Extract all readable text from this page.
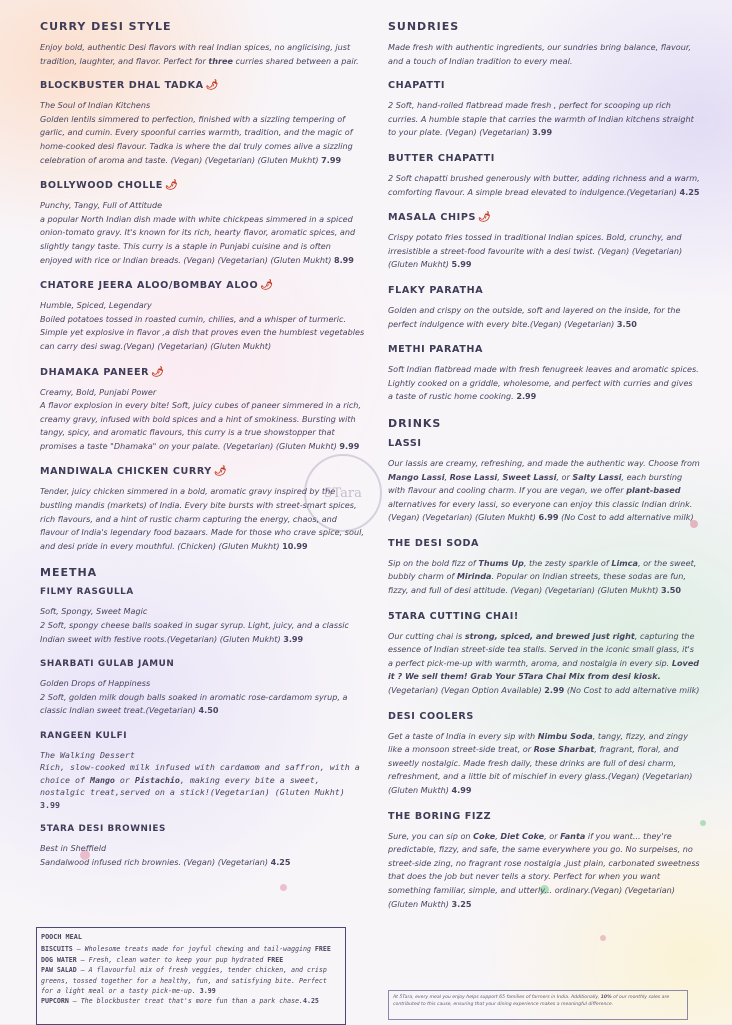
5Tara
CURRY DESI STYLE
Enjoy bold, authentic Desi flavors with real Indian spices, no anglicising, just tradition, laughter, and flavor. Perfect for three curries shared between a pair.
BLOCKBUSTER DHAL TADKA 🌶
The Soul of Indian Kitchens
Golden lentils simmered to perfection, finished with a sizzling tempering of garlic, and cumin. Every spoonful carries warmth, tradition, and the magic of home-cooked desi flavour. Tadka is where the dal truly comes alive a sizzling celebration of aroma and taste. (Vegan) (Vegetarian) (Gluten Mukht) 7.99
BOLLYWOOD CHOLLE 🌶
Punchy, Tangy, Full of Attitude
a popular North Indian dish made with white chickpeas simmered in a spiced onion-tomato gravy. It's known for its rich, hearty flavor, aromatic spices, and slightly tangy taste. This curry is a staple in Punjabi cuisine and is often enjoyed with rice or Indian breads. (Vegan) (Vegetarian) (Gluten Mukht) 8.99
CHATORE JEERA ALOO/BOMBAY ALOO 🌶
Humble, Spiced, Legendary
Boiled potatoes tossed in roasted cumin, chilies, and a whisper of turmeric. Simple yet explosive in flavor ,a dish that proves even the humblest vegetables can carry desi swag.(Vegan) (Vegetarian) (Gluten Mukht)
DHAMAKA PANEER 🌶
Creamy, Bold, Punjabi Power
A flavor explosion in every bite! Soft, juicy cubes of paneer simmered in a rich, creamy gravy, infused with bold spices and a hint of smokiness. Bursting with tangy, spicy, and aromatic flavours, this curry is a true showstopper that promises a taste "Dhamaka" on your palate. (Vegetarian) (Gluten Mukht) 9.99
MANDIWALA CHICKEN CURRY 🌶
Tender, juicy chicken simmered in a bold, aromatic gravy inspired by the bustling mandis (markets) of India. Every bite bursts with street-smart spices, rich flavours, and a hint of rustic charm capturing the energy, chaos, and flavour of India's legendary food bazaars. Made for those who crave spice, soul, and desi pride in every mouthful. (Chicken) (Gluten Mukht) 10.99
MEETHA
FILMY RASGULLA
Soft, Spongy, Sweet Magic
2 Soft, spongy cheese balls soaked in sugar syrup. Light, juicy, and a classic Indian sweet with festive roots.(Vegetarian) (Gluten Mukht) 3.99
SHARBATI GULAB JAMUN
Golden Drops of Happiness
2 Soft, golden milk dough balls soaked in aromatic rose-cardamom syrup, a classic Indian sweet treat.(Vegetarian) 4.50
RANGEEN KULFI
The Walking Dessert
Rich, slow-cooked milk infused with cardamom and saffron, with a choice of Mango or Pistachio, making every bite a sweet, nostalgic treat,served on a stick!(Vegetarian) (Gluten Mukht) 3.99
5TARA DESI BROWNIES
Best in Sheffield
Sandalwood infused rich brownies. (Vegan) (Vegetarian) 4.25
POOCH MEAL
BISCUITS – Wholesome treats made for joyful chewing and tail-wagging FREE
DOG WATER – Fresh, clean water to keep your pup hydrated FREE
PAW SALAD – A flavourful mix of fresh veggies, tender chicken, and crisp greens, tossed together for a healthy, fun, and satisfying bite. Perfect for a light meal or a tasty pick-me-up. 3.99
PUPCORN – The blockbuster treat that's more fun than a park chase.4.25
SUNDRIES
Made fresh with authentic ingredients, our sundries bring balance, flavour, and a touch of Indian tradition to every meal.
CHAPATTI
2 Soft, hand-rolled flatbread made fresh , perfect for scooping up rich curries. A humble staple that carries the warmth of Indian kitchens straight to your plate. (Vegan) (Vegetarian) 3.99
BUTTER CHAPATTI
2 Soft chapatti brushed generously with butter, adding richness and a warm, comforting flavour. A simple bread elevated to indulgence.(Vegetarian) 4.25
MASALA CHIPS 🌶
Crispy potato fries tossed in traditional Indian spices. Bold, crunchy, and irresistible a street-food favourite with a desi twist. (Vegan) (Vegetarian) (Gluten Mukht) 5.99
FLAKY PARATHA
Golden and crispy on the outside, soft and layered on the inside, for the perfect indulgence with every bite.(Vegan) (Vegetarian) 3.50
METHI PARATHA
Soft Indian flatbread made with fresh fenugreek leaves and aromatic spices. Lightly cooked on a griddle, wholesome, and perfect with curries and gives a taste of rustic home cooking. 2.99
DRINKS
LASSI
Our lassis are creamy, refreshing, and made the authentic way. Choose from Mango Lassi, Rose Lassi, Sweet Lassi, or Salty Lassi, each bursting with flavour and cooling charm. If you are vegan, we offer plant-based alternatives for every lassi, so everyone can enjoy this classic Indian drink. (Vegan) (Vegetarian) (Gluten Mukht) 6.99 (No Cost to add alternative milk)
THE DESI SODA
Sip on the bold fizz of Thums Up, the zesty sparkle of Limca, or the sweet, bubbly charm of Mirinda. Popular on Indian streets, these sodas are fun, fizzy, and full of desi attitude. (Vegan) (Vegetarian) (Gluten Mukht) 3.50
5TARA CUTTING CHAI!
Our cutting chai is strong, spiced, and brewed just right, capturing the essence of Indian street-side tea stalls. Served in the iconic small glass, it's a perfect pick-me-up with warmth, aroma, and nostalgia in every sip. Loved it ? We sell them! Grab Your 5Tara Chai Mix from desi kiosk. (Vegetarian) (Vegan Option Available) 2.99 (No Cost to add alternative milk)
DESI COOLERS
Get a taste of India in every sip with Nimbu Soda, tangy, fizzy, and zingy like a monsoon street-side treat, or Rose Sharbat, fragrant, floral, and sweetly nostalgic. Made fresh daily, these drinks are full of desi charm, refreshment, and a little bit of mischief in every glass.(Vegan) (Vegetarian) (Gluten Mukth) 4.99
THE BORING FIZZ
Sure, you can sip on Coke, Diet Coke, or Fanta if you want... they're predictable, fizzy, and safe, the same everywhere you go. No surpeises, no street-side zing, no fragrant rose nostalgia ,just plain, carbonated sweetness that does the job but never tells a story. Perfect for when you want something familiar, simple, and utterly... ordinary.(Vegan) (Vegetarian) (Gluten Mukth) 3.25
At 5Tara, every meal you enjoy helps support 65 families of farmers in India. Additionally, 10% of our monthly sales are contributed to this cause, ensuring that your dining experience makes a meaningful difference.
